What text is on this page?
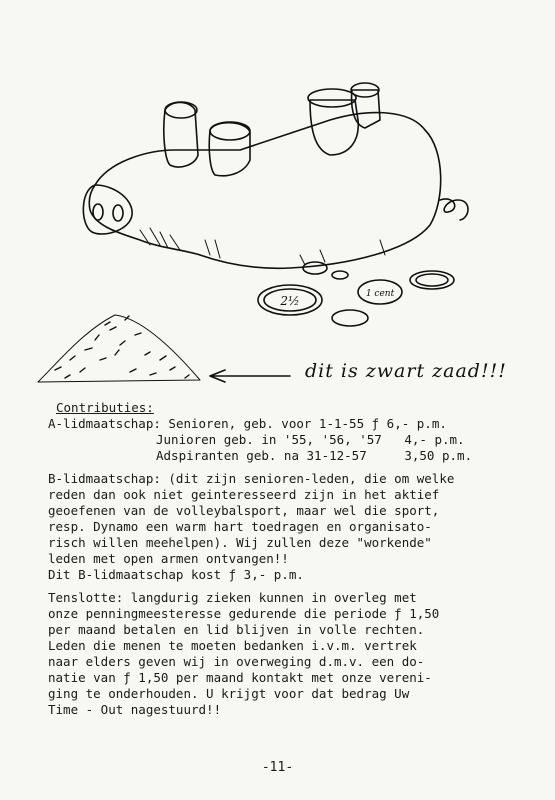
2½	1 cent
dit is zwart zaad!!!
Contributies:
A-lidmaatschap: Senioren, geb. voor 1-1-55 ƒ 6,- p.m.
Junioren geb. in '55, '56, '57 4,- p.m.
Adspiranten geb. na 31-12-57	3,50 p.m.
B-lidmaatschap: (dit zijn senioren-leden, die om welke
reden dan ook niet geinteresseerd zijn in het aktief
geoefenen van de volleybalsport, maar wel die sport,
resp. Dynamo een warm hart toedragen en organisato-
risch willen meehelpen). Wij zullen deze "workende"
leden met open armen ontvangen!!
Dit B-lidmaatschap kost ƒ 3,- p.m.
Tenslotte: langdurig zieken kunnen in overleg met
onze penningmeesteresse gedurende die periode ƒ 1,50
per maand betalen en lid blijven in volle rechten.
Leden die menen te moeten bedanken i.v.m. vertrek
naar elders geven wij in overweging d.m.v. een do-
natie van ƒ 1,50 per maand kontakt met onze vereni-
ging te onderhouden. U krijgt voor dat bedrag Uw
Time - Out nagestuurd!!
-11-
